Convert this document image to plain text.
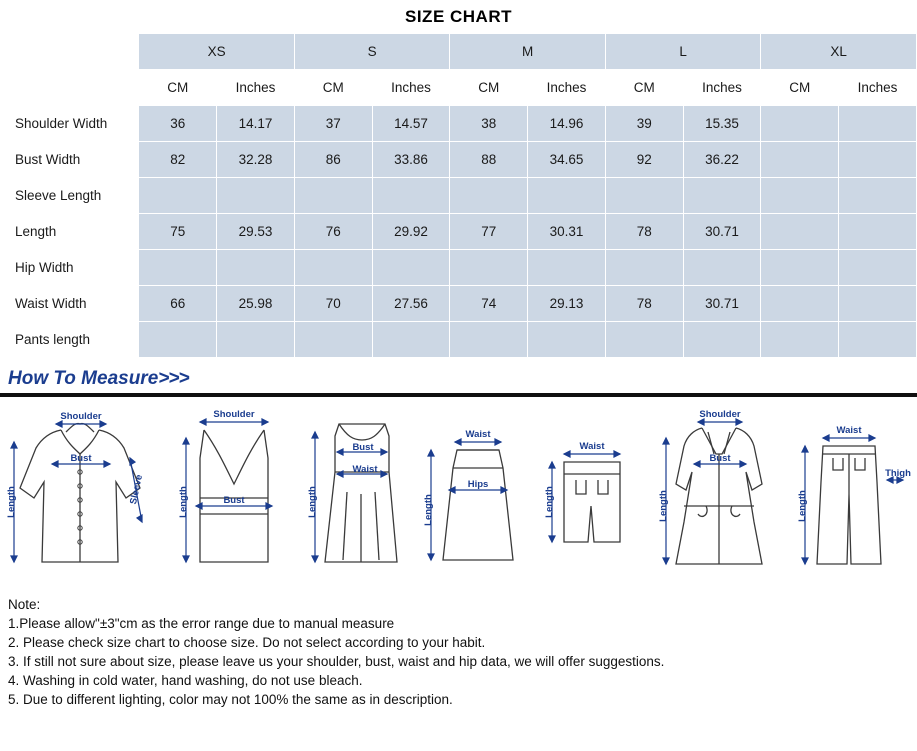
SIZE CHART
	XS		S		M		L		XL	
	CM	Inches	CM	Inches	CM	Inches	CM	Inches	CM	Inches
Shoulder Width	36	14.17	37	14.57	38	14.96	39	15.35		
Bust Width	82	32.28	86	33.86	88	34.65	92	36.22		
Sleeve Length										
Length	75	29.53	76	29.92	77	30.31	78	30.71		
Hip Width										
Waist Width	66	25.98	70	27.56	74	29.13	78	30.71		
Pants length										
How To Measure>>>
Shoulder
Bust
Length	Sleeve
Shoulder
Bust
Length
Bust
Waist
Length
Waist
Hips
Length
Waist
Length
Shoulder
Bust
Length
Waist
Thigh
Length
Note:
1.Please allow"±3"cm as the error range due to manual measure
2. Please check size chart to choose size. Do not select according to your habit.
3. If still not sure about size, please leave us your shoulder, bust, waist and hip data, we will offer suggestions.
4. Washing in cold water, hand washing, do not use bleach.
5. Due to different lighting, color may not 100% the same as in description.
